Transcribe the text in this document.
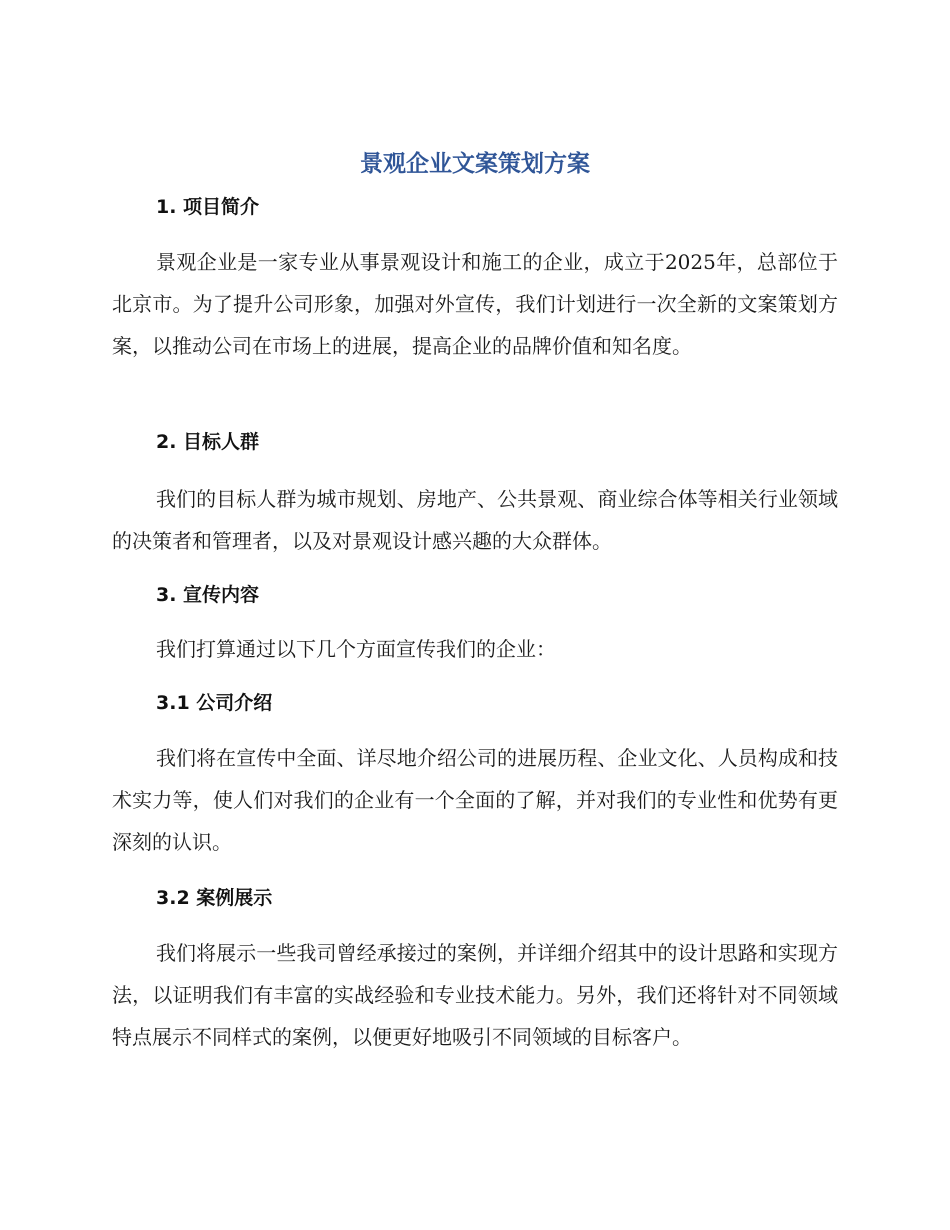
景观企业文案策划方案
1. 项目简介
景观企业是一家专业从事景观设计和施工的企业，成立于2025年，总部位于北京市。为了提升公司形象，加强对外宣传，我们计划进行一次全新的文案策划方案，以推动公司在市场上的进展，提高企业的品牌价值和知名度。
2. 目标人群
我们的目标人群为城市规划、房地产、公共景观、商业综合体等相关行业领域的决策者和管理者，以及对景观设计感兴趣的大众群体。
3. 宣传内容
我们打算通过以下几个方面宣传我们的企业：
3.1 公司介绍
我们将在宣传中全面、详尽地介绍公司的进展历程、企业文化、人员构成和技术实力等，使人们对我们的企业有一个全面的了解，并对我们的专业性和优势有更深刻的认识。
3.2 案例展示
我们将展示一些我司曾经承接过的案例，并详细介绍其中的设计思路和实现方法，以证明我们有丰富的实战经验和专业技术能力。另外，我们还将针对不同领域特点展示不同样式的案例，以便更好地吸引不同领域的目标客户。
